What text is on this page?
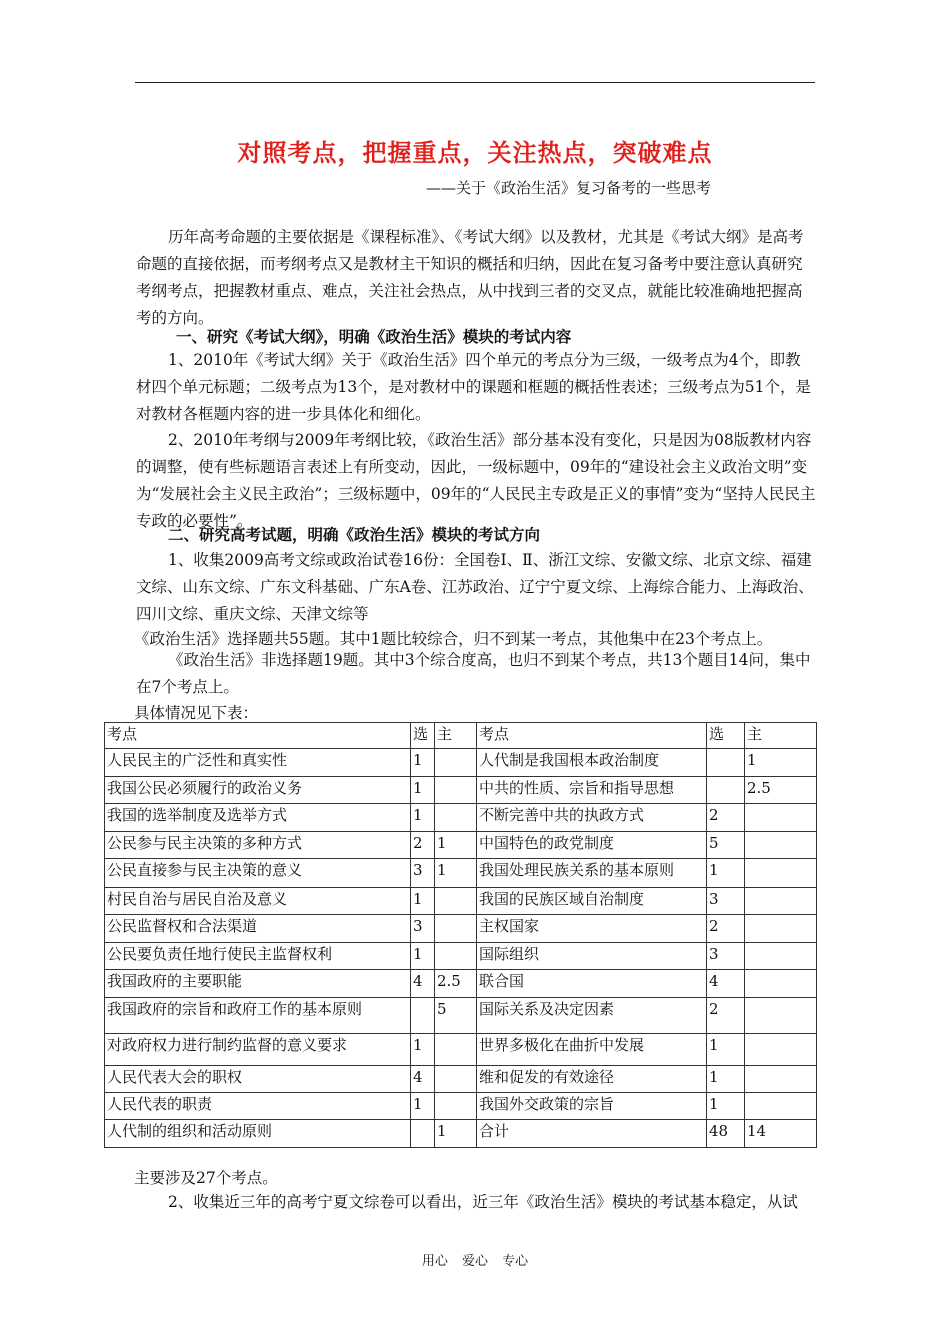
对照考点，把握重点，关注热点，突破难点
——关于《政治生活》复习备考的一些思考
历年高考命题的主要依据是《课程标准》、《考试大纲》以及教材，尤其是《考试大纲》是高考命题的直接依据，而考纲考点又是教材主干知识的概括和归纳，因此在复习备考中要注意认真研究考纲考点，把握教材重点、难点，关注社会热点，从中找到三者的交叉点，就能比较准确地把握高考的方向。
一、研究《考试大纲》，明确《政治生活》模块的考试内容
1、2010年《考试大纲》关于《政治生活》四个单元的考点分为三级，一级考点为4个，即教材四个单元标题；二级考点为13个，是对教材中的课题和框题的概括性表述；三级考点为51个，是对教材各框题内容的进一步具体化和细化。
2、2010年考纲与2009年考纲比较，《政治生活》部分基本没有变化，只是因为08版教材内容的调整，使有些标题语言表述上有所变动，因此，一级标题中，09年的“建设社会主义政治文明”变为“发展社会主义民主政治”；三级标题中，09年的“人民民主专政是正义的事情”变为“坚持人民民主专政的必要性”。
二、研究高考试题，明确《政治生活》模块的考试方向
1、收集2009高考文综或政治试卷16份：全国卷Ⅰ、Ⅱ、浙江文综、安徽文综、北京文综、福建文综、山东文综、广东文科基础、广东A卷、江苏政治、辽宁宁夏文综、上海综合能力、上海政治、四川文综、重庆文综、天津文综等
《政治生活》选择题共55题。其中1题比较综合，归不到某一考点，其他集中在23个考点上。
《政治生活》非选择题19题。其中3个综合度高，也归不到某个考点，共13个题目14问，集中在7个考点上。
具体情况见下表：
考点	选	主	考点	选	主
人民民主的广泛性和真实性	1		人代制是我国根本政治制度		1
我国公民必须履行的政治义务	1		中共的性质、宗旨和指导思想		2.5
我国的选举制度及选举方式	1		不断完善中共的执政方式	2	
公民参与民主决策的多种方式	2	1	中国特色的政党制度	5	
公民直接参与民主决策的意义	3	1	我国处理民族关系的基本原则	1	
村民自治与居民自治及意义	1		我国的民族区域自治制度	3	
公民监督权和合法渠道	3		主权国家	2	
公民要负责任地行使民主监督权利	1		国际组织	3	
我国政府的主要职能	4	2.5	联合国	4	
我国政府的宗旨和政府工作的基本原则		5	国际关系及决定因素	2	
对政府权力进行制约监督的意义要求	1		世界多极化在曲折中发展	1	
人民代表大会的职权	4		维和促发的有效途径	1	
人民代表的职责	1		我国外交政策的宗旨	1	
人代制的组织和活动原则		1	合计	48	14
主要涉及27个考点。
2、收集近三年的高考宁夏文综卷可以看出，近三年《政治生活》模块的考试基本稳定，从试
用心 爱心 专心
